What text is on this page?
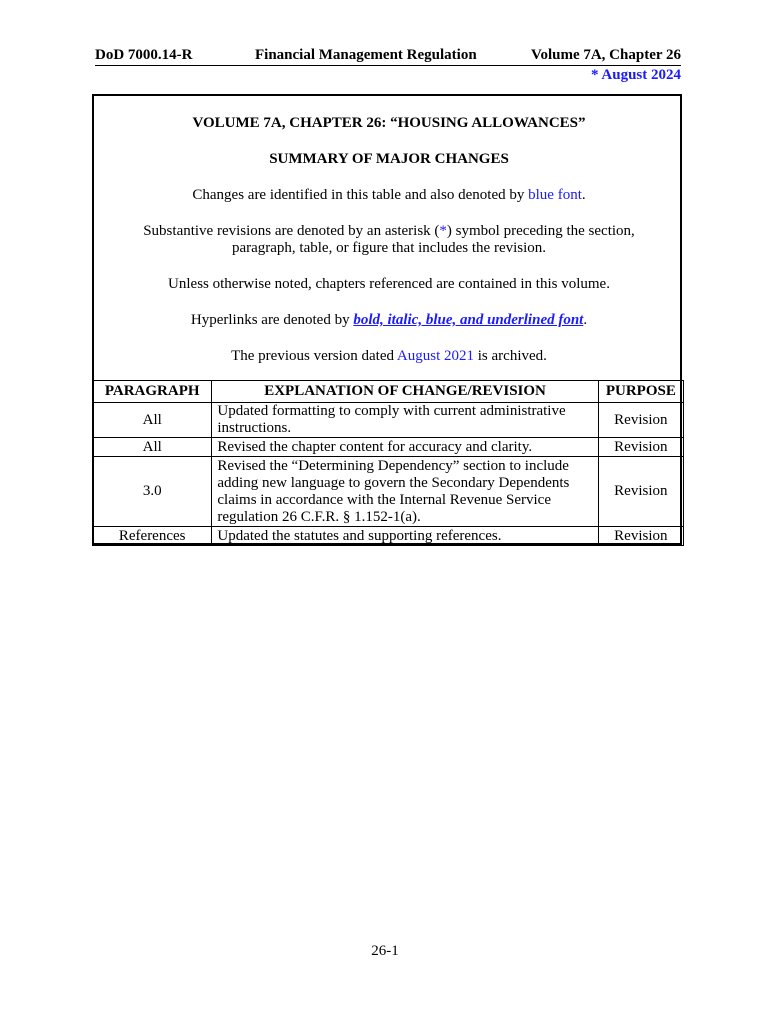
DoD 7000.14-R	Financial Management Regulation	Volume 7A, Chapter 26
* August 2024
VOLUME 7A, CHAPTER 26: “HOUSING ALLOWANCES”
SUMMARY OF MAJOR CHANGES
Changes are identified in this table and also denoted by blue font.
Substantive revisions are denoted by an asterisk (*) symbol preceding the section,
paragraph, table, or figure that includes the revision.
Unless otherwise noted, chapters referenced are contained in this volume.
Hyperlinks are denoted by bold, italic, blue, and underlined font.
The previous version dated August 2021 is archived.
PARAGRAPH	EXPLANATION OF CHANGE/REVISION	PURPOSE
All	Updated formatting to comply with current administrative instructions.	Revision
All	Revised the chapter content for accuracy and clarity.	Revision
3.0	Revised the “Determining Dependency” section to include adding new language to govern the Secondary Dependents claims in accordance with the Internal Revenue Service regulation 26 C.F.R. § 1.152-1(a).	Revision
References	Updated the statutes and supporting references.	Revision
26-1
